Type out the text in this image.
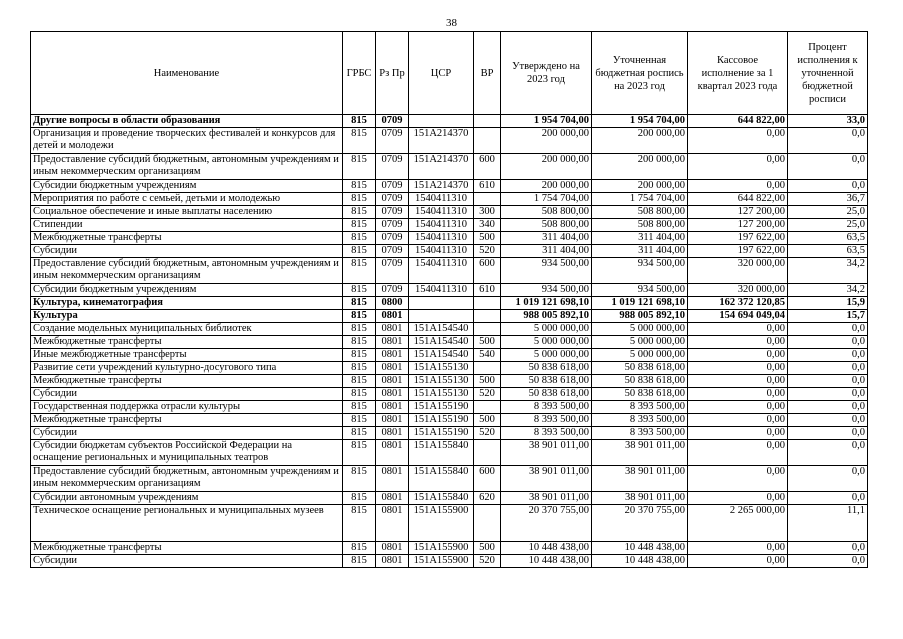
38
Наименование	ГРБС	Рз Пр	ЦСР	ВР	Утверждено на 2023 год	Уточненная бюджетная роспись на 2023 год	Кассовое исполнение за 1 квартал 2023 года	Процент исполнения к уточненной бюджетной росписи
Другие вопросы в области образования	815	0709			1 954 704,00	1 954 704,00	644 822,00	33,0
Организация и проведение творческих фестивалей и конкурсов для детей и молодежи	815	0709	151A214370		200 000,00	200 000,00	0,00	0,0
Предоставление субсидий бюджетным, автономным учреждениям и иным некоммерческим организациям	815	0709	151A214370	600	200 000,00	200 000,00	0,00	0,0
Субсидии бюджетным учреждениям	815	0709	151A214370	610	200 000,00	200 000,00	0,00	0,0
Мероприятия по работе с семьей, детьми и молодежью	815	0709	1540411310		1 754 704,00	1 754 704,00	644 822,00	36,7
Социальное обеспечение и иные выплаты населению	815	0709	1540411310	300	508 800,00	508 800,00	127 200,00	25,0
Стипендии	815	0709	1540411310	340	508 800,00	508 800,00	127 200,00	25,0
Межбюджетные трансферты	815	0709	1540411310	500	311 404,00	311 404,00	197 622,00	63,5
Субсидии	815	0709	1540411310	520	311 404,00	311 404,00	197 622,00	63,5
Предоставление субсидий бюджетным, автономным учреждениям и иным некоммерческим организациям	815	0709	1540411310	600	934 500,00	934 500,00	320 000,00	34,2
Субсидии бюджетным учреждениям	815	0709	1540411310	610	934 500,00	934 500,00	320 000,00	34,2
Культура, кинематография	815	0800			1 019 121 698,10	1 019 121 698,10	162 372 120,85	15,9
Культура	815	0801			988 005 892,10	988 005 892,10	154 694 049,04	15,7
Создание модельных муниципальных библиотек	815	0801	151A154540		5 000 000,00	5 000 000,00	0,00	0,0
Межбюджетные трансферты	815	0801	151A154540	500	5 000 000,00	5 000 000,00	0,00	0,0
Иные межбюджетные трансферты	815	0801	151A154540	540	5 000 000,00	5 000 000,00	0,00	0,0
Развитие сети учреждений культурно-досугового типа	815	0801	151A155130		50 838 618,00	50 838 618,00	0,00	0,0
Межбюджетные трансферты	815	0801	151A155130	500	50 838 618,00	50 838 618,00	0,00	0,0
Субсидии	815	0801	151A155130	520	50 838 618,00	50 838 618,00	0,00	0,0
Государственная поддержка отрасли культуры	815	0801	151A155190		8 393 500,00	8 393 500,00	0,00	0,0
Межбюджетные трансферты	815	0801	151A155190	500	8 393 500,00	8 393 500,00	0,00	0,0
Субсидии	815	0801	151A155190	520	8 393 500,00	8 393 500,00	0,00	0,0
Субсидии бюджетам субъектов Российской Федерации на оснащение региональных и муниципальных театров	815	0801	151A155840		38 901 011,00	38 901 011,00	0,00	0,0
Предоставление субсидий бюджетным, автономным учреждениям и иным некоммерческим организациям	815	0801	151A155840	600	38 901 011,00	38 901 011,00	0,00	0,0
Субсидии автономным учреждениям	815	0801	151A155840	620	38 901 011,00	38 901 011,00	0,00	0,0
Техническое оснащение региональных и муниципальных музеев	815	0801	151A155900		20 370 755,00	20 370 755,00	2 265 000,00	11,1
Межбюджетные трансферты	815	0801	151A155900	500	10 448 438,00	10 448 438,00	0,00	0,0
Субсидии	815	0801	151A155900	520	10 448 438,00	10 448 438,00	0,00	0,0
